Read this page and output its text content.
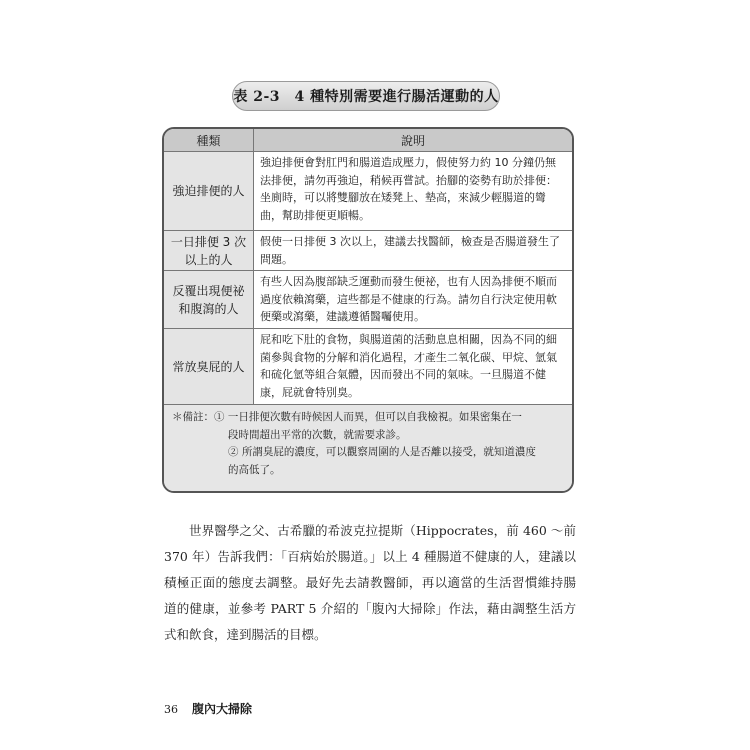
表 2-3　4 種特別需要進行腸活運動的人
種類	說明
強迫排便的人
強迫排便會對肛門和腸道造成壓力，假使努力約 10 分鐘仍無法排便，請勿再強迫，稍候再嘗試。抬腳的姿勢有助於排便：坐廁時，可以將雙腳放在矮凳上、墊高，來減少輕腸道的彎曲，幫助排便更順暢。
一日排便 3 次以上的人
假使一日排便 3 次以上，建議去找醫師，檢查是否腸道發生了問題。
反覆出現便祕和腹瀉的人
有些人因為腹部缺乏運動而發生便祕，也有人因為排便不順而過度依賴瀉藥，這些都是不健康的行為。請勿自行決定使用軟便藥或瀉藥，建議遵循醫囑使用。
常放臭屁的人
屁和吃下肚的食物，與腸道菌的活動息息相關，因為不同的細菌參與食物的分解和消化過程，才產生二氧化碳、甲烷、氫氣和硫化氫等組合氣體，因而發出不同的氣味。一旦腸道不健康，屁就會特別臭。
＊備註：① 一日排便次數有時候因人而異，但可以自我檢視。如果密集在一
段時間超出平常的次數，就需要求診。
② 所謂臭屁的濃度，可以觀察周圍的人是否離以接受，就知道濃度
的高低了。

世界醫學之父、古希臘的希波克拉提斯（Hippocrates，前 460 ～前 370 年）告訴我們：「百病始於腸道。」以上 4 種腸道不健康的人，建議以積極正面的態度去調整。最好先去請教醫師，再以適當的生活習慣維持腸道的健康，並參考 PART 5 介紹的「腹內大掃除」作法，藉由調整生活方式和飲食，達到腸活的目標。

36 腹內大掃除
